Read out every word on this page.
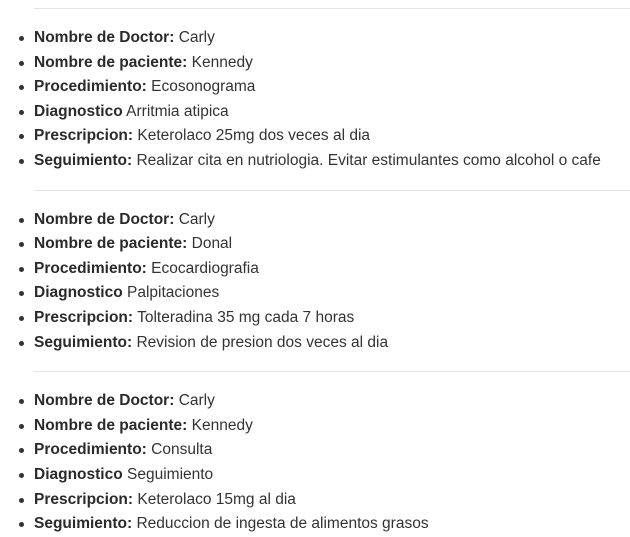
Nombre de Doctor: Carly
Nombre de paciente: Kennedy
Procedimiento: Ecosonograma
Diagnostico Arritmia atipica
Prescripcion: Keterolaco 25mg dos veces al dia
Seguimiento: Realizar cita en nutriologia. Evitar estimulantes como alcohol o cafe
Nombre de Doctor: Carly
Nombre de paciente: Donal
Procedimiento: Ecocardiografia
Diagnostico Palpitaciones
Prescripcion: Tolteradina 35 mg cada 7 horas
Seguimiento: Revision de presion dos veces al dia
Nombre de Doctor: Carly
Nombre de paciente: Kennedy
Procedimiento: Consulta
Diagnostico Seguimiento
Prescripcion: Keterolaco 15mg al dia
Seguimiento: Reduccion de ingesta de alimentos grasos
